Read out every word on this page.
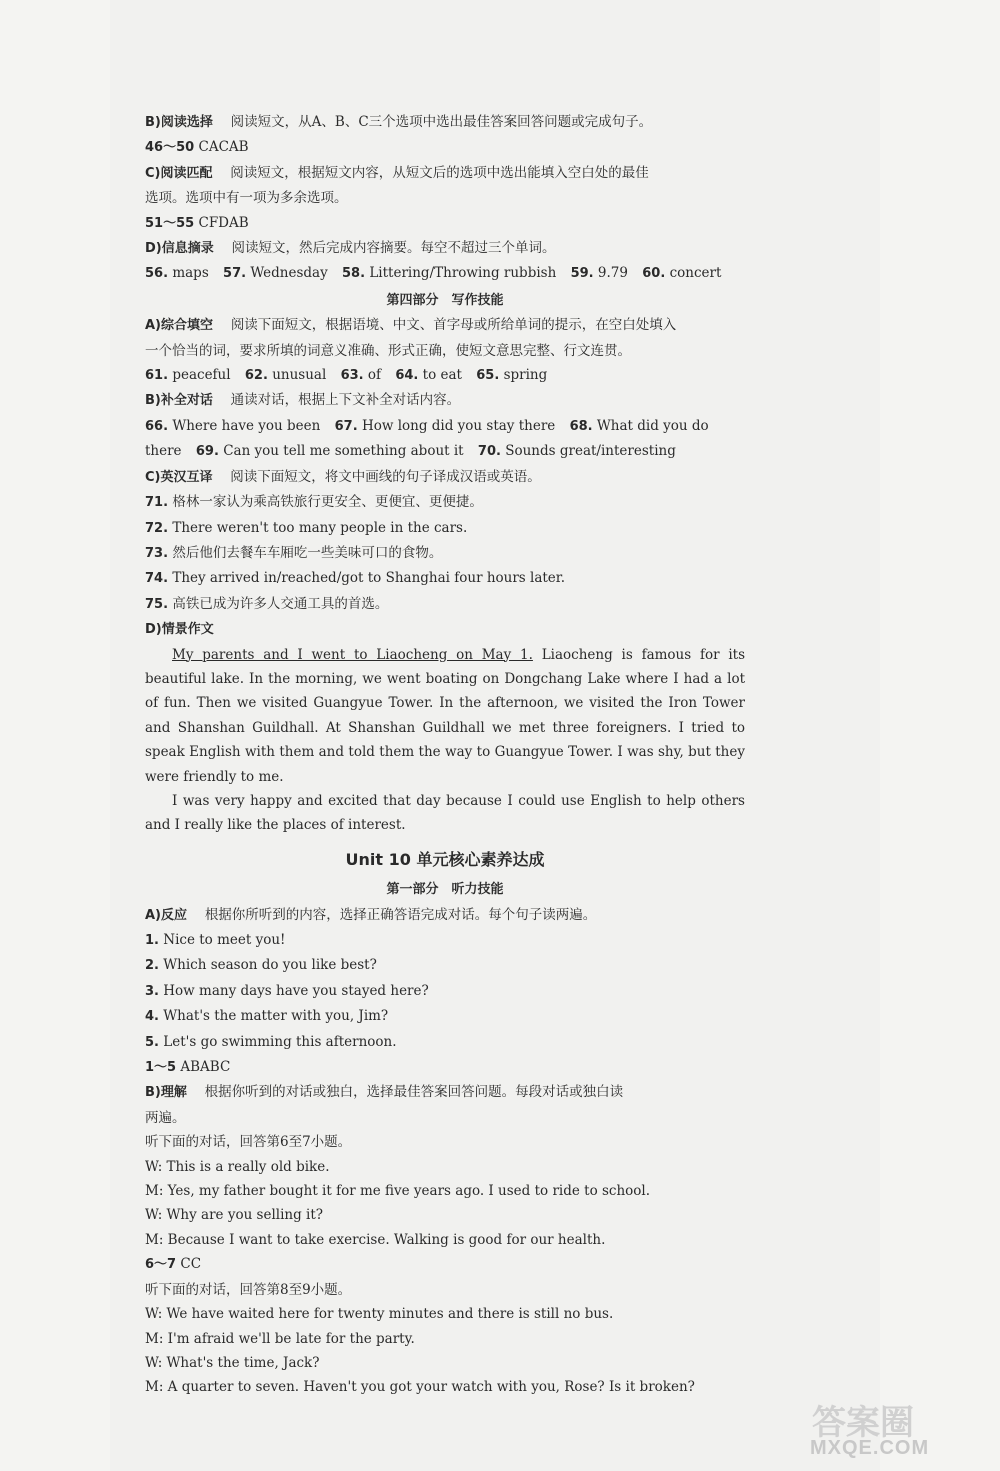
B)阅读选择　 阅读短文，从A、B、C三个选项中选出最佳答案回答问题或完成句子。
46～50 CACAB
C)阅读匹配　 阅读短文，根据短文内容，从短文后的选项中选出能填入空白处的最佳
选项。选项中有一项为多余选项。
51～55 CFDAB
D)信息摘录　 阅读短文，然后完成内容摘要。每空不超过三个单词。
56. maps 57. Wednesday 58. Littering/Throwing rubbish 59. 9.79 60. concert
第四部分　写作技能
A)综合填空　 阅读下面短文，根据语境、中文、首字母或所给单词的提示，在空白处填入
一个恰当的词，要求所填的词意义准确、形式正确，使短文意思完整、行文连贯。
61. peaceful 62. unusual 63. of 64. to eat 65. spring
B)补全对话　 通读对话，根据上下文补全对话内容。
66. Where have you been 67. How long did you stay there 68. What did you do
there 69. Can you tell me something about it 70. Sounds great/interesting
C)英汉互译　 阅读下面短文，将文中画线的句子译成汉语或英语。
71. 格林一家认为乘高铁旅行更安全、更便宜、更便捷。
72. There weren't too many people in the cars.
73. 然后他们去餐车车厢吃一些美味可口的食物。
74. They arrived in/reached/got to Shanghai four hours later.
75. 高铁已成为许多人交通工具的首选。
D)情景作文
My parents and I went to Liaocheng on May 1. Liaocheng is famous for its beautiful lake. In the morning, we went boating on Dongchang Lake where I had a lot of fun. Then we visited Guangyue Tower. In the afternoon, we visited the Iron Tower and Shanshan Guildhall. At Shanshan Guildhall we met three foreigners. I tried to speak English with them and told them the way to Guangyue Tower. I was shy, but they were friendly to me.
I was very happy and excited that day because I could use English to help others and I really like the places of interest.
Unit 10 单元核心素养达成
第一部分　听力技能
A)反应　 根据你所听到的内容，选择正确答语完成对话。每个句子读两遍。
1. Nice to meet you!
2. Which season do you like best?
3. How many days have you stayed here?
4. What's the matter with you, Jim?
5. Let's go swimming this afternoon.
1～5 ABABC
B)理解　 根据你听到的对话或独白，选择最佳答案回答问题。每段对话或独白读
两遍。
听下面的对话，回答第6至7小题。
W: This is a really old bike.
M: Yes, my father bought it for me five years ago. I used to ride to school.
W: Why are you selling it?
M: Because I want to take exercise. Walking is good for our health.
6～7 CC
听下面的对话，回答第8至9小题。
W: We have waited here for twenty minutes and there is still no bus.
M: I'm afraid we'll be late for the party.
W: What's the time, Jack?
M: A quarter to seven. Haven't you got your watch with you, Rose? Is it broken?
答案圈
MXQE.COM
